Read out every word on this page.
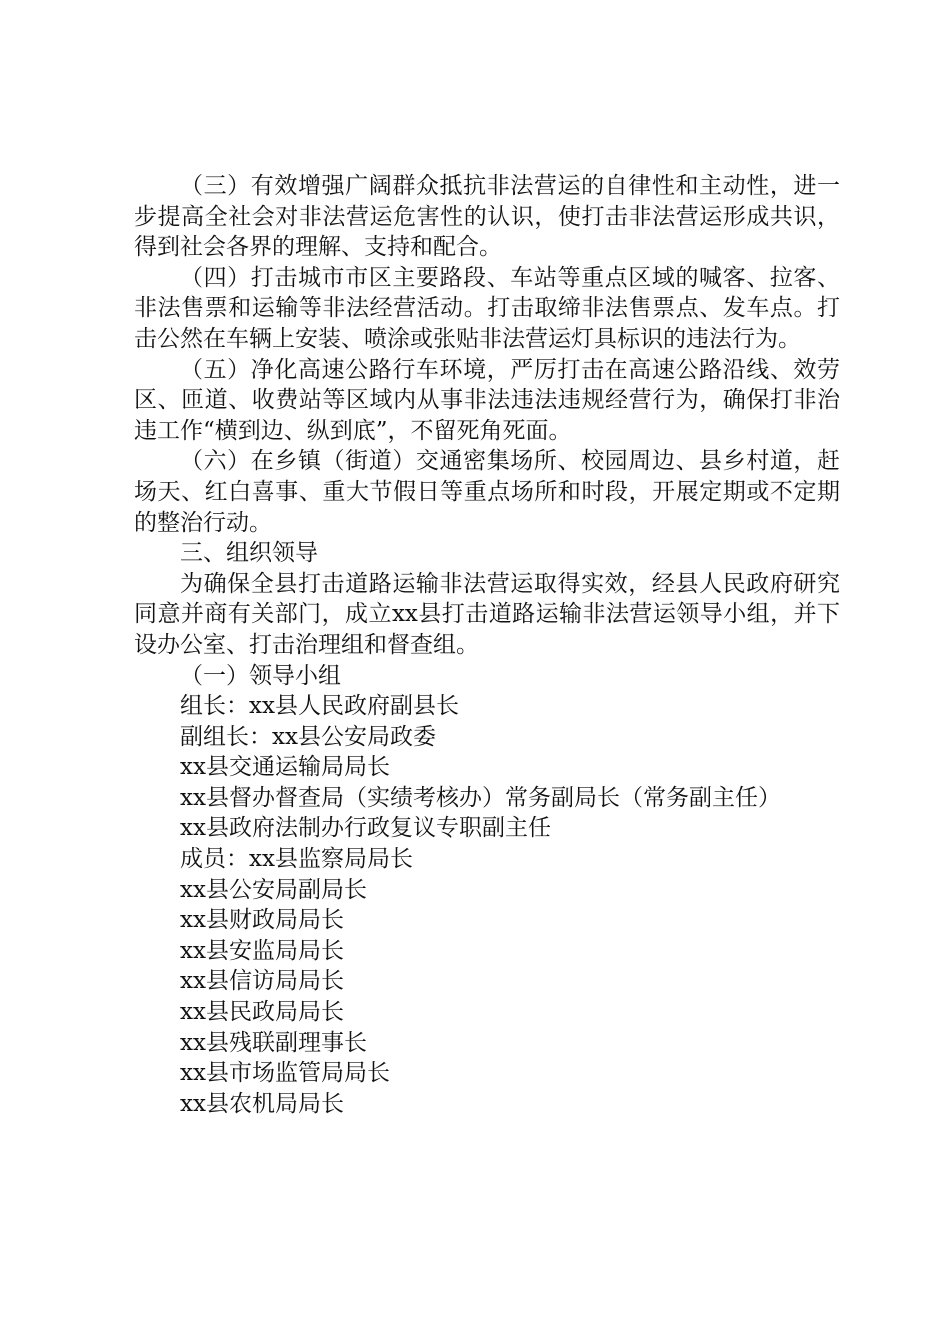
（三）有效增强广阔群众抵抗非法营运的自律性和主动性，进一步提高全社会对非法营运危害性的认识，使打击非法营运形成共识，得到社会各界的理解、支持和配合。

（四）打击城市市区主要路段、车站等重点区域的喊客、拉客、非法售票和运输等非法经营活动。打击取缔非法售票点、发车点。打击公然在车辆上安装、喷涂或张贴非法营运灯具标识的违法行为。

（五）净化高速公路行车环境，严厉打击在高速公路沿线、效劳区、匝道、收费站等区域内从事非法违法违规经营行为，确保打非治违工作“横到边、纵到底”，不留死角死面。

（六）在乡镇（街道）交通密集场所、校园周边、县乡村道，赶场天、红白喜事、重大节假日等重点场所和时段，开展定期或不定期的整治行动。

三、组织领导

为确保全县打击道路运输非法营运取得实效，经县人民政府研究同意并商有关部门，成立xx县打击道路运输非法营运领导小组，并下设办公室、打击治理组和督查组。

（一）领导小组

组长：xx县人民政府副县长

副组长：xx县公安局政委

xx县交通运输局局长

xx县督办督查局（实绩考核办）常务副局长（常务副主任）

xx县政府法制办行政复议专职副主任

成员：xx县监察局局长

xx县公安局副局长

xx县财政局局长

xx县安监局局长

xx县信访局局长

xx县民政局局长

xx县残联副理事长

xx县市场监管局局长

xx县农机局局长
